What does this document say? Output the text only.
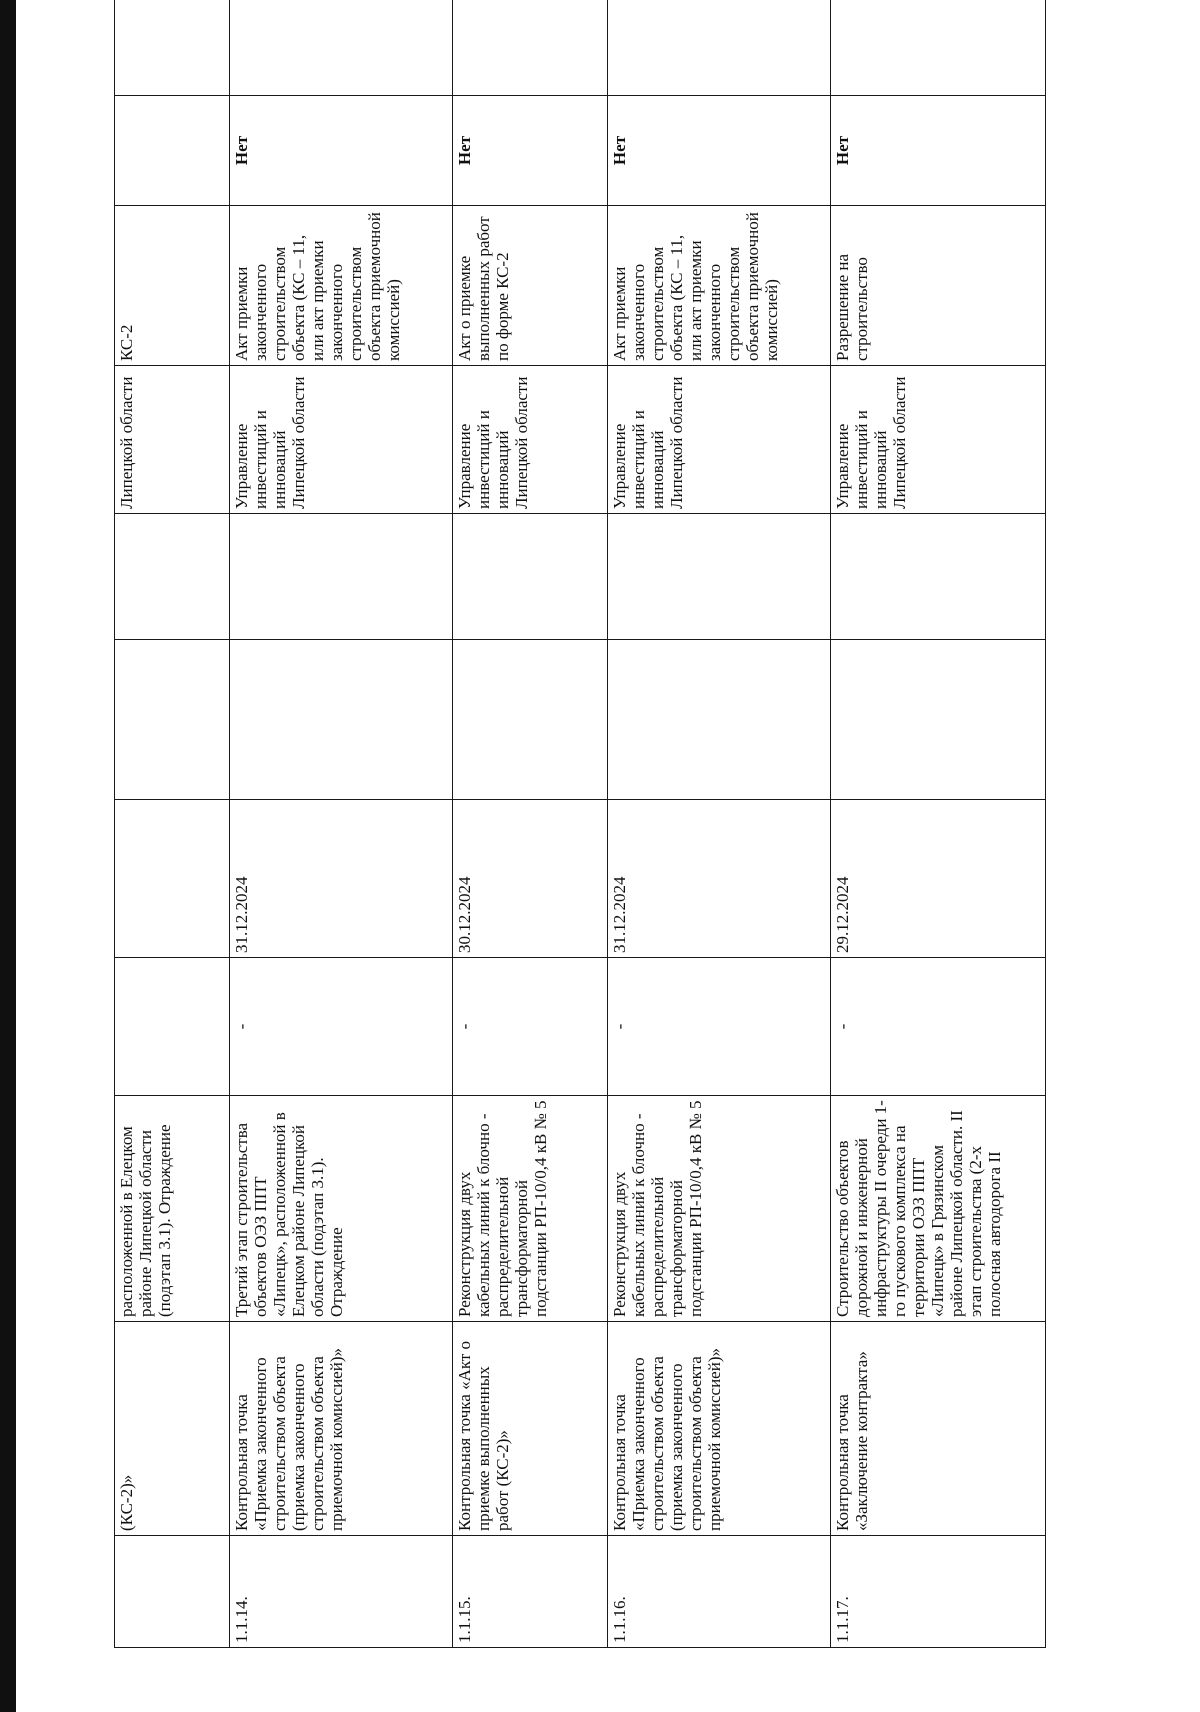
	(КС-2)»	расположенной в Елецком районе Липецкой области (подэтап 3.1). Отраждение					Липецкой области	КС-2		
1.1.14.	Контрольная точка «Приемка законченного строительством объекта (приемка законченного строительством объекта приемочной комиссией)»	Третий этап строительства объектов ОЭЗ ППТ «Липецк», расположенной в Елецком районе Липецкой области (подэтап 3.1). Отраждение	-	31.12.2024			Управление инвестиций и инноваций Липецкой области	Акт приемки законченного строительством объекта (КС – 11, или акт приемки законченного строительством объекта приемочной комиссией)	Нет	
1.1.15.	Контрольная точка «Акт о приемке выполненных работ (КС-2)»	Реконструкция двух кабельных линий к блочно - распределительной трансформаторной подстанции РП-10/0,4 кВ № 5	-	30.12.2024			Управление инвестиций и инноваций Липецкой области	Акт о приемке выполненных работ по форме КС-2	Нет	
1.1.16.	Контрольная точка «Приемка законченного строительством объекта (приемка законченного строительством объекта приемочной комиссией)»	Реконструкция двух кабельных линий к блочно - распределительной трансформаторной подстанции РП-10/0,4 кВ № 5	-	31.12.2024			Управление инвестиций и инноваций Липецкой области	Акт приемки законченного строительством объекта (КС – 11, или акт приемки законченного строительством объекта приемочной комиссией)	Нет	
1.1.17.	Контрольная точка «Заключение контракта»	Строительство объектов дорожной и инженерной инфраструктуры II очереди 1-го пускового комплекса на территории ОЭЗ ППТ «Липецк» в Грязинском районе Липецкой области. II этап строительства (2-х полосная автодорога II	-	29.12.2024			Управление инвестиций и инноваций Липецкой области	Разрешение на строительство	Нет	
